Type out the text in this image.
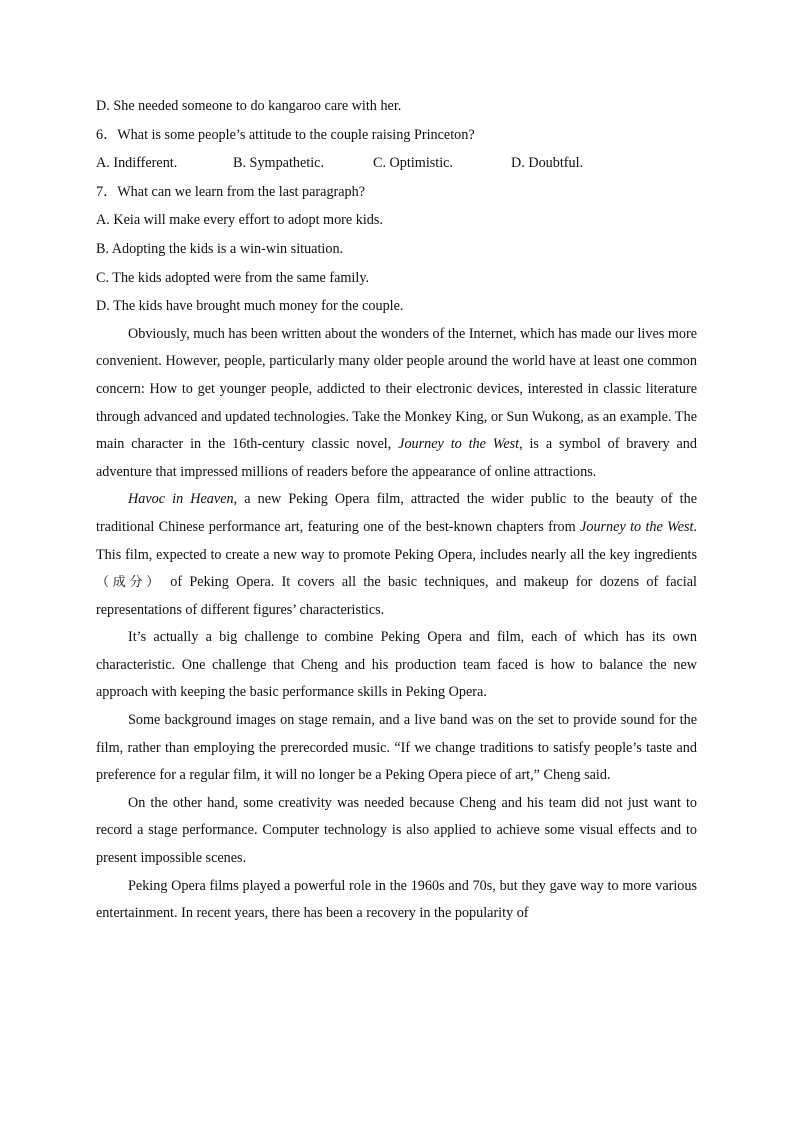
D. She needed someone to do kangaroo care with her.
6．What is some people’s attitude to the couple raising Princeton?
A. Indifferent.	B. Sympathetic.	C. Optimistic.	D. Doubtful.
7．What can we learn from the last paragraph?
A. Keia will make every effort to adopt more kids.
B. Adopting the kids is a win-win situation.
C. The kids adopted were from the same family.
D. The kids have brought much money for the couple.

Obviously, much has been written about the wonders of the Internet, which has made our lives more convenient. However, people, particularly many older people around the world have at least one common concern: How to get younger people, addicted to their electronic devices, interested in classic literature through advanced and updated technologies. Take the Monkey King, or Sun Wukong, as an example. The main character in the 16th-century classic novel, Journey to the West, is a symbol of bravery and adventure that impressed millions of readers before the appearance of online attractions.

Havoc in Heaven, a new Peking Opera film, attracted the wider public to the beauty of the traditional Chinese performance art, featuring one of the best-known chapters from Journey to the West. This film, expected to create a new way to promote Peking Opera, includes nearly all the key ingredients （成分） of Peking Opera. It covers all the basic techniques, and makeup for dozens of facial representations of different figures’ characteristics.

It’s actually a big challenge to combine Peking Opera and film, each of which has its own characteristic. One challenge that Cheng and his production team faced is how to balance the new approach with keeping the basic performance skills in Peking Opera.

Some background images on stage remain, and a live band was on the set to provide sound for the film, rather than employing the prerecorded music. “If we change traditions to satisfy people’s taste and preference for a regular film, it will no longer be a Peking Opera piece of art,” Cheng said.

On the other hand, some creativity was needed because Cheng and his team did not just want to record a stage performance. Computer technology is also applied to achieve some visual effects and to present impossible scenes.

Peking Opera films played a powerful role in the 1960s and 70s, but they gave way to more various entertainment. In recent years, there has been a recovery in the popularity of
